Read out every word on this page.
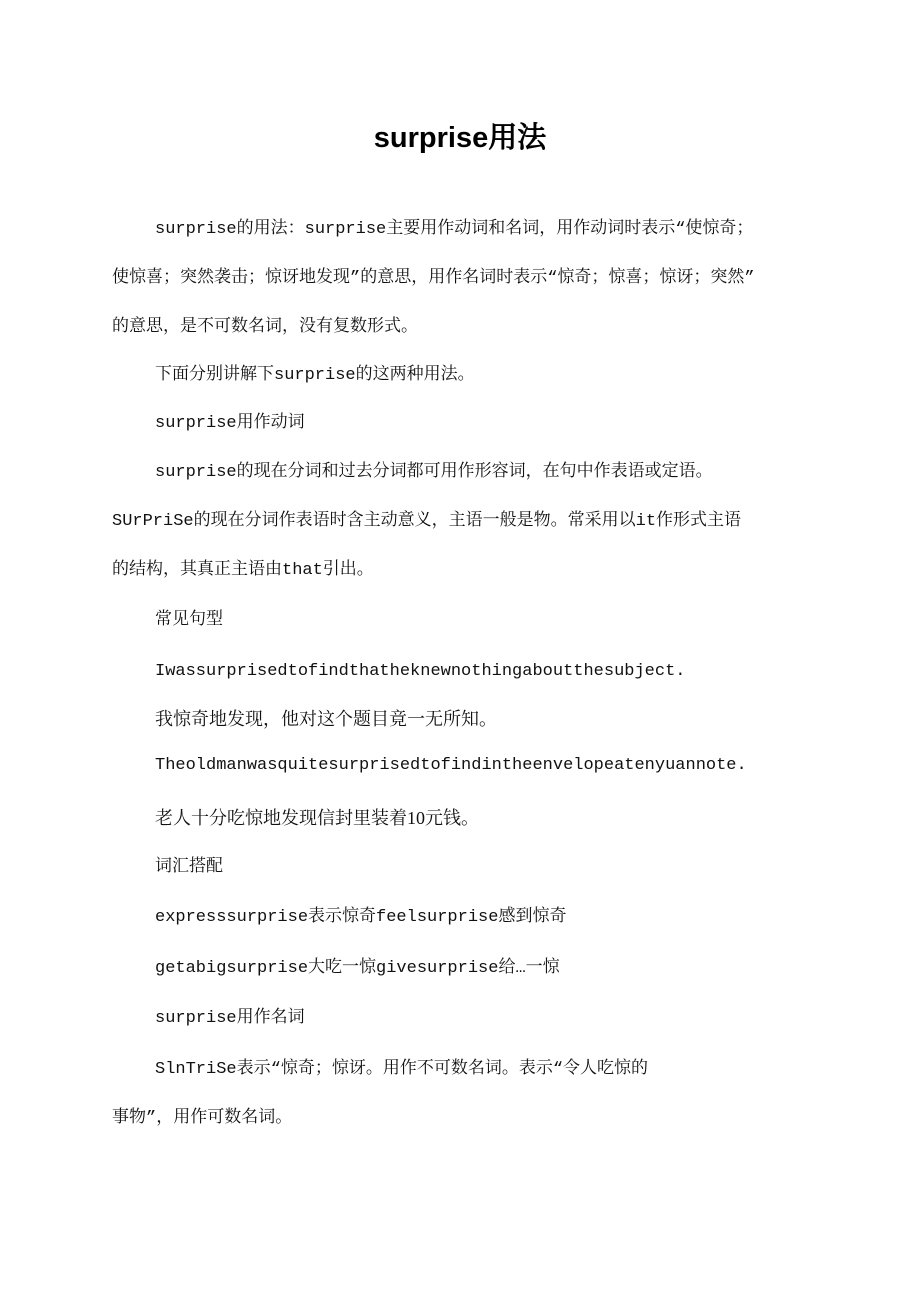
surprise用法
surprise的用法：surprise主要用作动词和名词，用作动词时表示“使惊奇；
使惊喜；突然袭击；惊讶地发现”的意思，用作名词时表示“惊奇；惊喜；惊讶；突然”
的意思，是不可数名词，没有复数形式。
下面分别讲解下surprise的这两种用法。
surprise用作动词
surprise的现在分词和过去分词都可用作形容词，在句中作表语或定语。
SUrPriSe的现在分词作表语时含主动意义，主语一般是物。常采用以it作形式主语
的结构，其真正主语由that引出。
常见句型
Iwassurprisedtofindthatheknewnothingaboutthesubject.
我惊奇地发现，他对这个题目竟一无所知。
Theoldmanwasquitesurprisedtofindintheenvelopeatenyuannote.
老人十分吃惊地发现信封里装着10元钱。
词汇搭配
expresssurprise表示惊奇feelsurprise感到惊奇
getabigsurprise大吃一惊givesurprise给…一惊
surprise用作名词
SlnTriSe表示“惊奇；惊讶。用作不可数名词。表示“令人吃惊的
事物”，用作可数名词。
